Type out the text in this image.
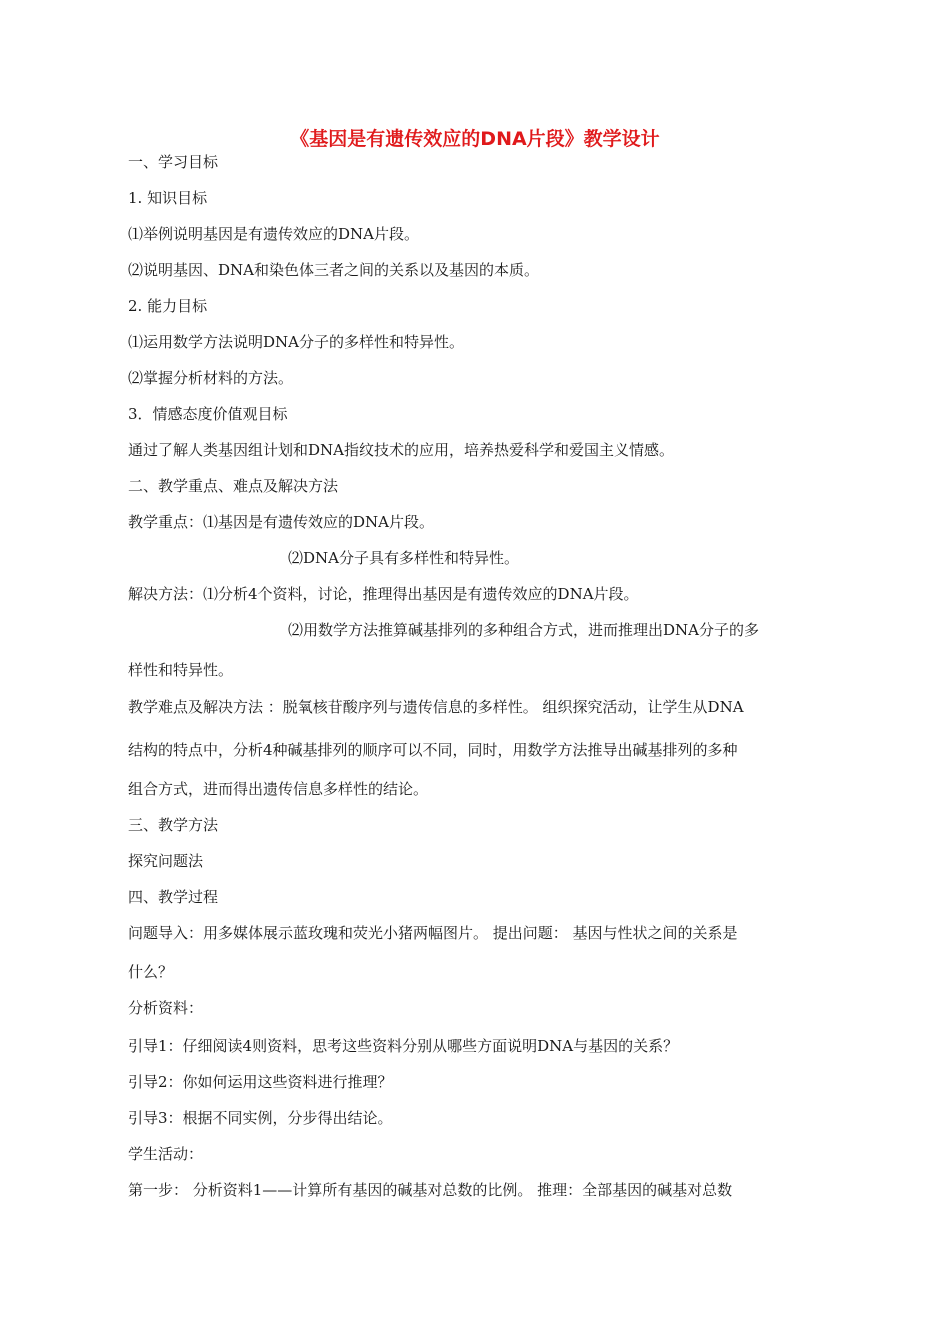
《基因是有遗传效应的DNA片段》教学设计
一、学习目标
1. 知识目标
⑴举例说明基因是有遗传效应的DNA片段。
⑵说明基因、DNA和染色体三者之间的关系以及基因的本质。
2. 能力目标
⑴运用数学方法说明DNA分子的多样性和特异性。
⑵掌握分析材料的方法。
3．情感态度价值观目标
通过了解人类基因组计划和DNA指纹技术的应用，培养热爱科学和爱国主义情感。
二、教学重点、难点及解决方法
教学重点：⑴基因是有遗传效应的DNA片段。
⑵DNA分子具有多样性和特异性。
解决方法：⑴分析4个资料，讨论，推理得出基因是有遗传效应的DNA片段。
⑵用数学方法推算碱基排列的多种组合方式，进而推理出DNA分子的多
样性和特异性。
教学难点及解决方法 ：脱氧核苷酸序列与遗传信息的多样性。 组织探究活动，让学生从DNA
结构的特点中，分析4种碱基排列的顺序可以不同，同时，用数学方法推导出碱基排列的多种
组合方式，进而得出遗传信息多样性的结论。
三、教学方法
探究问题法
四、教学过程
问题导入：用多媒体展示蓝玫瑰和荧光小猪两幅图片。 提出问题： 基因与性状之间的关系是
什么？
分析资料：
引导1：仔细阅读4则资料，思考这些资料分别从哪些方面说明DNA与基因的关系？
引导2：你如何运用这些资料进行推理？
引导3：根据不同实例，分步得出结论。
学生活动：
第一步： 分析资料1——计算所有基因的碱基对总数的比例。 推理：全部基因的碱基对总数
